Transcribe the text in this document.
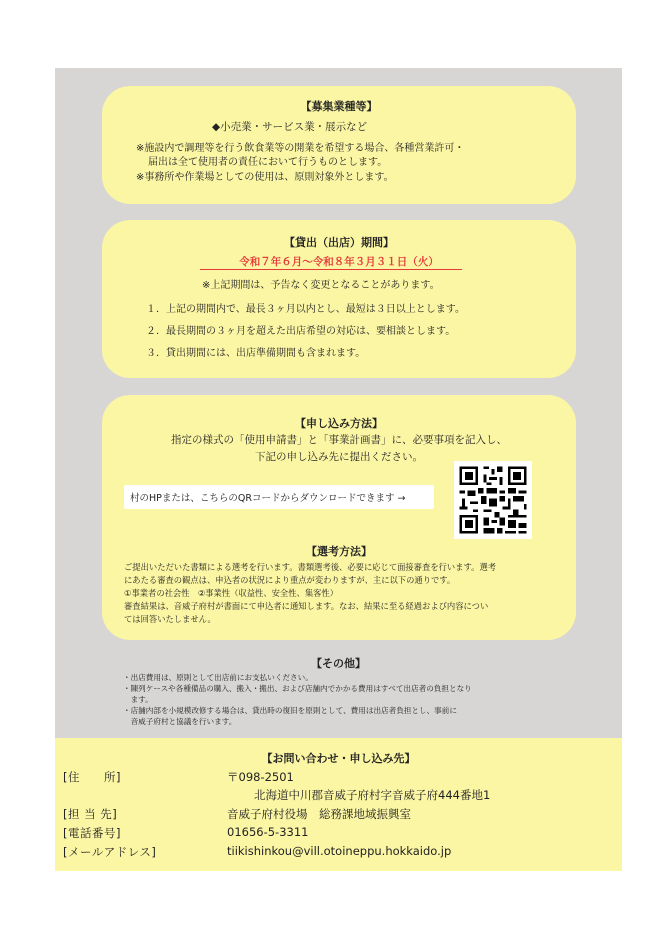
【募集業種等】
◆小売業・サービス業・展示など
※施設内で調理等を行う飲食業等の開業を希望する場合、各種営業許可・
届出は全て使用者の責任において行うものとします。
※事務所や作業場としての使用は、原則対象外とします。
【貸出（出店）期間】
令和７年６月～令和８年３月３１日（火）
※上記期間は、予告なく変更となることがあります。
１．上記の期間内で、最長３ヶ月以内とし、最短は３日以上とします。
２．最長期間の３ヶ月を超えた出店希望の対応は、要相談とします。
３．貸出期間には、出店準備期間も含まれます。
【申し込み方法】
指定の様式の「使用申請書」と「事業計画書」に、必要事項を記入し、
下記の申し込み先に提出ください。
村のHPまたは、こちらのQRコードからダウンロードできます →
【選考方法】
ご提出いただいた書類による選考を行います。書類選考後、必要に応じて面接審査を行います。選考
にあたる審査の観点は、申込者の状況により重点が変わりますが、主に以下の通りです。
①事業者の社会性　②事業性（収益性、安全性、集客性）
審査結果は、音威子府村が書面にて申込者に通知します。なお、結果に至る経過および内容につい
ては回答いたしません。
【その他】
・出店費用は、原則として出店前にお支払いください。
・陳列ケースや各種備品の購入、搬入・搬出、および店舗内でかかる費用はすべて出店者の負担となり
　ます。
・店舗内部を小規模改修する場合は、貸出時の復旧を原則として、費用は出店者負担とし、事前に
　音威子府村と協議を行います。
【お問い合わせ・申し込み先】
[住　　所]	〒098-2501
北海道中川郡音威子府村字音威子府444番地1
[担 当 先]	音威子府村役場　総務課地域振興室
[電話番号]	01656-5-3311
[メールアドレス]	tiikishinkou@vill.otoineppu.hokkaido.jp
